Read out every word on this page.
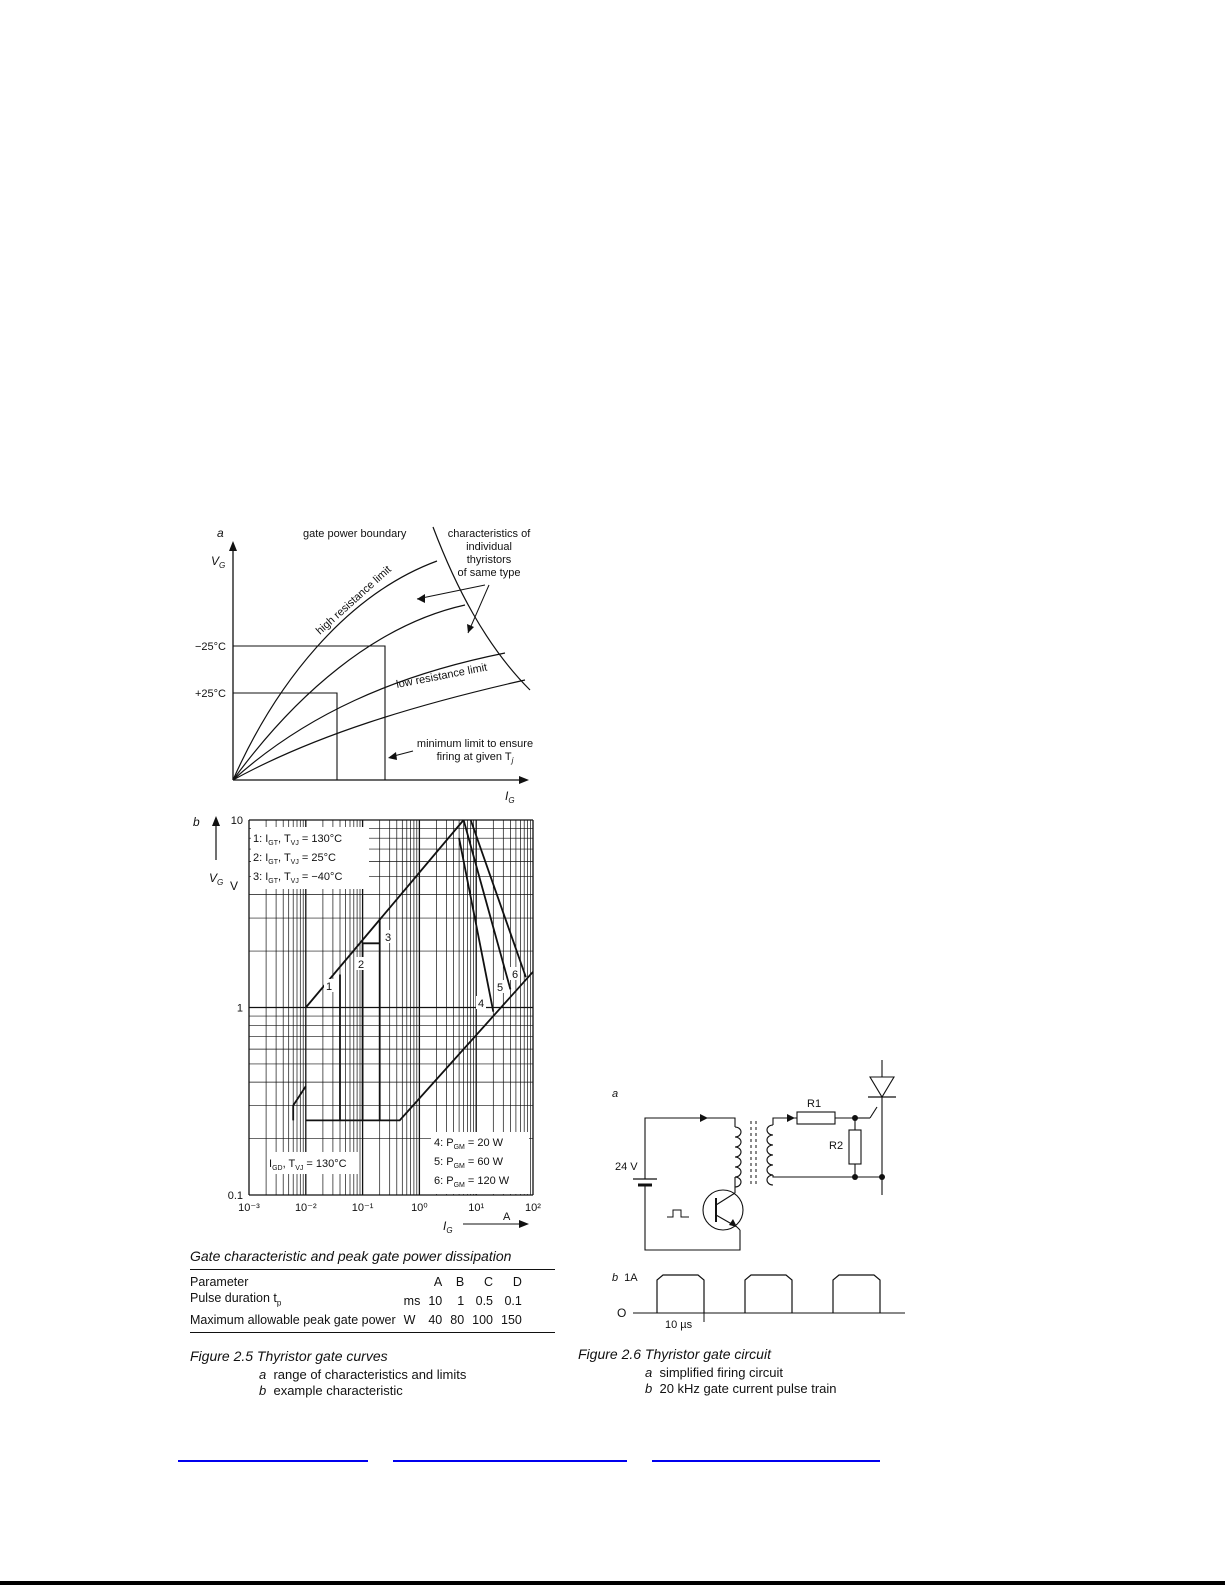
a
$V_G$
$I_G$
−25°C
+25°C
gate power boundary	characteristics of
individual
thyristors
of same type
high resistance limit
low resistance limit
minimum limit to ensure
firing at given $T_j$
b
V
$V_G$
10
1
0.1
10⁻³	10⁻²	10⁻¹	10⁰	10¹	10²
1: $I_{GT}$, $T_{VJ} = 130^\circ C$
2: $I_{GT}$, $T_{VJ} = 25^\circ C$
3: $I_{GT}$, $T_{VJ} = -40^\circ C$
4: $P_{GM} = 20$ W
5: $P_{GM} = 60$ W
6: $P_{GM} = 120$ W
$I_{GD}$, $T_{VJ} = 130^\circ C$
1
2
3
4
5
6
$I_G$
A
Gate characteristic and peak gate power dissipation
Parameter		A	B	C	D
Pulse duration $t_p$	ms	10	1	0.5	0.1
Maximum allowable peak gate power	W	40	80	100	150
Figure 2.5 Thyristor gate curves
a range of characteristics and limits
b example characteristic
a
24 V
R1
R2
b 1A
O
10 µs
Figure 2.6 Thyristor gate circuit
a simplified firing circuit
b 20 kHz gate current pulse train
